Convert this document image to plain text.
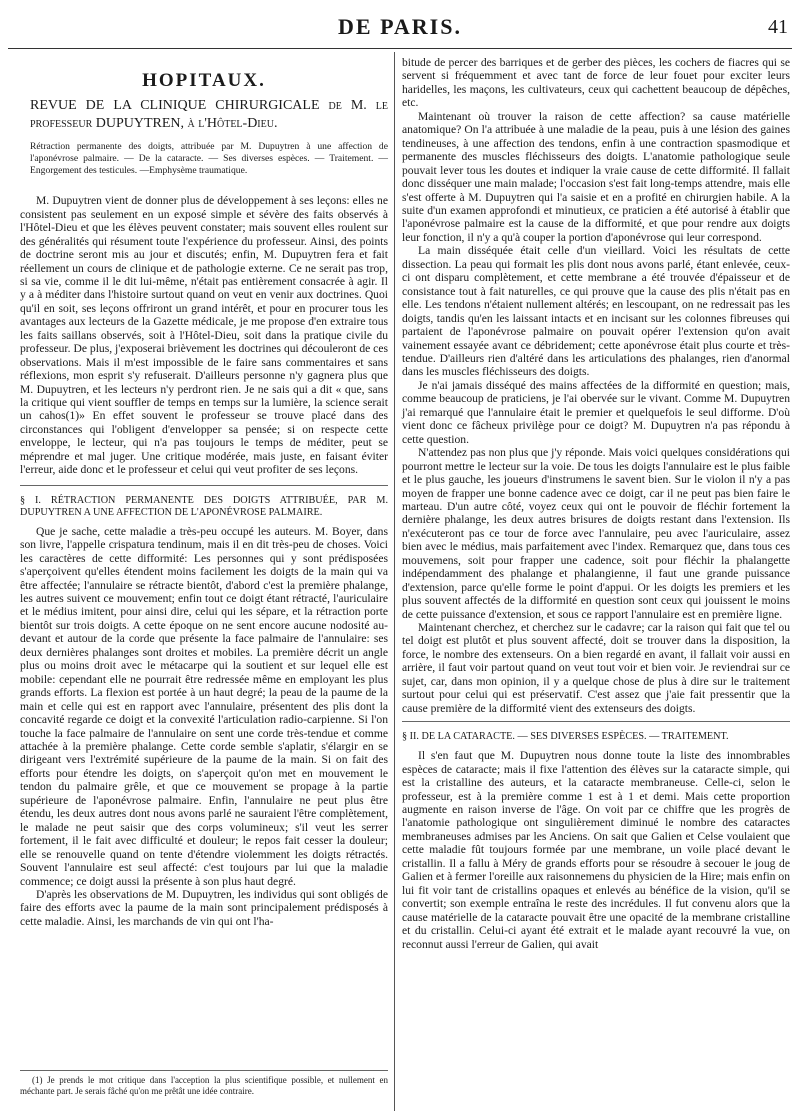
DE PARIS.	41
HOPITAUX.

REVUE DE LA CLINIQUE CHIRURGICALE de M. le professeur DUPUYTREN, à l'Hôtel-Dieu.

Rétraction permanente des doigts, attribuée par M. Dupuytren à une affection de l'aponévrose palmaire. — De la cataracte. — Ses diverses espèces. — Traitement. — Engorgement des testicules. —Emphysème traumatique.

M. Dupuytren vient de donner plus de développement à ses leçons: elles ne consistent pas seulement en un exposé simple et sévère des faits observés à l'Hôtel-Dieu et que les élèves peuvent constater; mais souvent elles roulent sur des généralités qui résument toute l'expérience du professeur. Ainsi, des points de doctrine seront mis au jour et discutés; enfin, M. Dupuytren fera et fait réellement un cours de clinique et de pathologie externe. Ce ne serait pas trop, si sa vie, comme il le dit lui-même, n'était pas entièrement consacrée à agir. Il y a à méditer dans l'histoire surtout quand on veut en venir aux doctrines. Quoi qu'il en soit, ses leçons offriront un grand intérêt, et pour en procurer tous les avantages aux lecteurs de la Gazette médicale, je me propose d'en extraire tous les faits saillans observés, soit à l'Hôtel-Dieu, soit dans la pratique civile du professeur. De plus, j'exposerai brièvement les doctrines qui découleront de ces observations. Mais il m'est impossible de le faire sans commentaires et sans réflexions, mon esprit s'y refuserait. D'ailleurs personne n'y gagnera plus que M. Dupuytren, et les lecteurs n'y perdront rien. Je ne sais qui a dit « que, sans la critique qui vient souffler de temps en temps sur la lumière, la science serait un cahos(1)» En effet souvent le professeur se trouve placé dans des circonstances qui l'obligent d'envelopper sa pensée; si on respecte cette enveloppe, le lecteur, qui n'a pas toujours le temps de méditer, peut se méprendre et mal juger. Une critique modérée, mais juste, en faisant éviter l'erreur, aide donc et le professeur et celui qui veut profiter de ses leçons.

§ I. RÉTRACTION PERMANENTE DES DOIGTS ATTRIBUÉE, PAR M. DUPUYTREN A UNE AFFECTION DE L'APONÉVROSE PALMAIRE.

Que je sache, cette maladie a très-peu occupé les auteurs. M. Boyer, dans son livre, l'appelle crispatura tendinum, mais il en dit très-peu de choses. Voici les caractères de cette difformité: Les personnes qui y sont prédisposées s'aperçoivent qu'elles étendent moins facilement les doigts de la main qui va être affectée; l'annulaire se rétracte bientôt, d'abord c'est la première phalange, les autres suivent ce mouvement; enfin tout ce doigt étant rétracté, l'auriculaire et le médius imitent, pour ainsi dire, celui qui les sépare, et la rétraction porte bientôt sur trois doigts. A cette époque on ne sent encore aucune nodosité au-devant et autour de la corde que présente la face palmaire de l'annulaire: ses deux dernières phalanges sont droites et mobiles. La première décrit un angle plus ou moins droit avec le métacarpe qui la soutient et sur lequel elle est mobile: cependant elle ne pourrait être redressée même en employant les plus grands efforts. La flexion est portée à un haut degré; la peau de la paume de la main et celle qui est en rapport avec l'annulaire, présentent des plis dont la concavité regarde ce doigt et la convexité l'articulation radio-carpienne. Si l'on touche la face palmaire de l'annulaire on sent une corde très-tendue et comme attachée à la première phalange. Cette corde semble s'aplatir, s'élargir en se dirigeant vers l'extrémité supérieure de la paume de la main. Si on fait des efforts pour étendre les doigts, on s'aperçoit qu'on met en mouvement le tendon du palmaire grêle, et que ce mouvement se propage à la partie supérieure de l'aponévrose palmaire. Enfin, l'annulaire ne peut plus être étendu, les deux autres dont nous avons parlé ne sauraient l'être complètement, le malade ne peut saisir que des corps volumineux; s'il veut les serrer fortement, il le fait avec difficulté et douleur; le repos fait cesser la douleur; elle se renouvelle quand on tente d'étendre violemment les doigts rétractés. Souvent l'annulaire est seul affecté: c'est toujours par lui que la maladie commence; ce doigt aussi la présente à son plus haut degré.

D'après les observations de M. Dupuytren, les individus qui sont obligés de faire des efforts avec la paume de la main sont principalement prédisposés à cette maladie. Ainsi, les marchands de vin qui ont l'ha-

(1) Je prends le mot critique dans l'acception la plus scientifique possible, et nullement en méchante part. Je serais fâché qu'on me prêtât une idée contraire.

bitude de percer des barriques et de gerber des pièces, les cochers de fiacres qui se servent si fréquemment et avec tant de force de leur fouet pour exciter leurs haridelles, les maçons, les cultivateurs, ceux qui cachettent beaucoup de dépêches, etc.

Maintenant où trouver la raison de cette affection? sa cause matérielle anatomique? On l'a attribuée à une maladie de la peau, puis à une lésion des gaines tendineuses, à une affection des tendons, enfin à une contraction spasmodique et permanente des muscles fléchisseurs des doigts. L'anatomie pathologique seule pouvait lever tous les doutes et indiquer la vraie cause de cette difformité. Il fallait donc disséquer une main malade; l'occasion s'est fait long-temps attendre, mais elle s'est offerte à M. Dupuytren qui l'a saisie et en a profité en chirurgien habile. A la suite d'un examen approfondi et minutieux, ce praticien a été autorisé à établir que l'aponévrose palmaire est la cause de la difformité, et que pour rendre aux doigts leur fonction, il n'y a qu'à couper la portion d'aponévrose qui leur correspond.

La main disséquée était celle d'un vieillard. Voici les résultats de cette dissection. La peau qui formait les plis dont nous avons parlé, étant enlevée, ceux-ci ont disparu complètement, et cette membrane a été trouvée d'épaisseur et de consistance tout à fait naturelles, ce qui prouve que la cause des plis n'était pas en elle. Les tendons n'étaient nullement altérés; en lescoupant, on ne redressait pas les doigts, tandis qu'en les laissant intacts et en incisant sur les colonnes fibreuses qui partaient de l'aponévrose palmaire on pouvait opérer l'extension qu'on avait vainement essayée avant ce débridement; cette aponévrose était plus courte et très-tendue. D'ailleurs rien d'altéré dans les articulations des phalanges, rien d'anormal dans les muscles fléchisseurs des doigts.

Je n'ai jamais disséqué des mains affectées de la difformité en question; mais, comme beaucoup de praticiens, je l'ai obervée sur le vivant. Comme M. Dupuytren j'ai remarqué que l'annulaire était le premier et quelquefois le seul difforme. D'où vient donc ce fâcheux privilège pour ce doigt? M. Dupuytren n'a pas répondu à cette question.

N'attendez pas non plus que j'y réponde. Mais voici quelques considérations qui pourront mettre le lecteur sur la voie. De tous les doigts l'annulaire est le plus faible et le plus gauche, les joueurs d'instrumens le savent bien. Sur le violon il n'y a pas moyen de frapper une bonne cadence avec ce doigt, car il ne peut pas bien faire le marteau. D'un autre côté, voyez ceux qui ont le pouvoir de fléchir fortement la dernière phalange, les deux autres brisures de doigts restant dans l'extension. Ils n'exécuteront pas ce tour de force avec l'annulaire, peu avec l'auriculaire, assez bien avec le médius, mais parfaitement avec l'index. Remarquez que, dans tous ces mouvemens, soit pour frapper une cadence, soit pour fléchir la phalangette indépendamment des phalange et phalangienne, il faut une grande puissance d'extension, parce qu'elle forme le point d'appui. Or les doigts les premiers et les plus souvent affectés de la difformité en question sont ceux qui jouissent le moins de cette puissance d'extension, et sous ce rapport l'annulaire est en première ligne.

Maintenant cherchez, et cherchez sur le cadavre; car la raison qui fait que tel ou tel doigt est plutôt et plus souvent affecté, doit se trouver dans la disposition, la force, le nombre des extenseurs. On a bien regardé en avant, il fallait voir aussi en arrière, il faut voir partout quand on veut tout voir et bien voir. Je reviendrai sur ce sujet, car, dans mon opinion, il y a quelque chose de plus à dire sur le traitement surtout pour celui qui est préservatif. C'est assez que j'aie fait pressentir que la cause première de la difformité vient des extenseurs des doigts.

§ II. DE LA CATARACTE. — SES DIVERSES ESPÈCES. — TRAITEMENT.

Il s'en faut que M. Dupuytren nous donne toute la liste des innombrables espèces de cataracte; mais il fixe l'attention des élèves sur la cataracte simple, qui est la cristalline des auteurs, et la cataracte membraneuse. Celle-ci, selon le professeur, est à la première comme 1 est à 1 et demi. Mais cette proportion augmente en raison inverse de l'âge. On voit par ce chiffre que les progrès de l'anatomie pathologique ont singulièrement diminué le nombre des cataractes membraneuses admises par les Anciens. On sait que Galien et Celse voulaient que cette maladie fût toujours formée par une membrane, un voile placé devant le cristallin. Il a fallu à Méry de grands efforts pour se résoudre à secouer le joug de Galien et à fermer l'oreille aux raisonnemens du physicien de la Hire; mais enfin on lui fit voir tant de cristallins opaques et enlevés au bénéfice de la vision, qu'il se convertit; son exemple entraîna le reste des incrédules. Il fut convenu alors que la cause matérielle de la cataracte pouvait être une opacité de la membrane cristalline et du cristallin. Celui-ci ayant été extrait et le malade ayant recouvré la vue, on reconnut aussi l'erreur de Galien, qui avait
